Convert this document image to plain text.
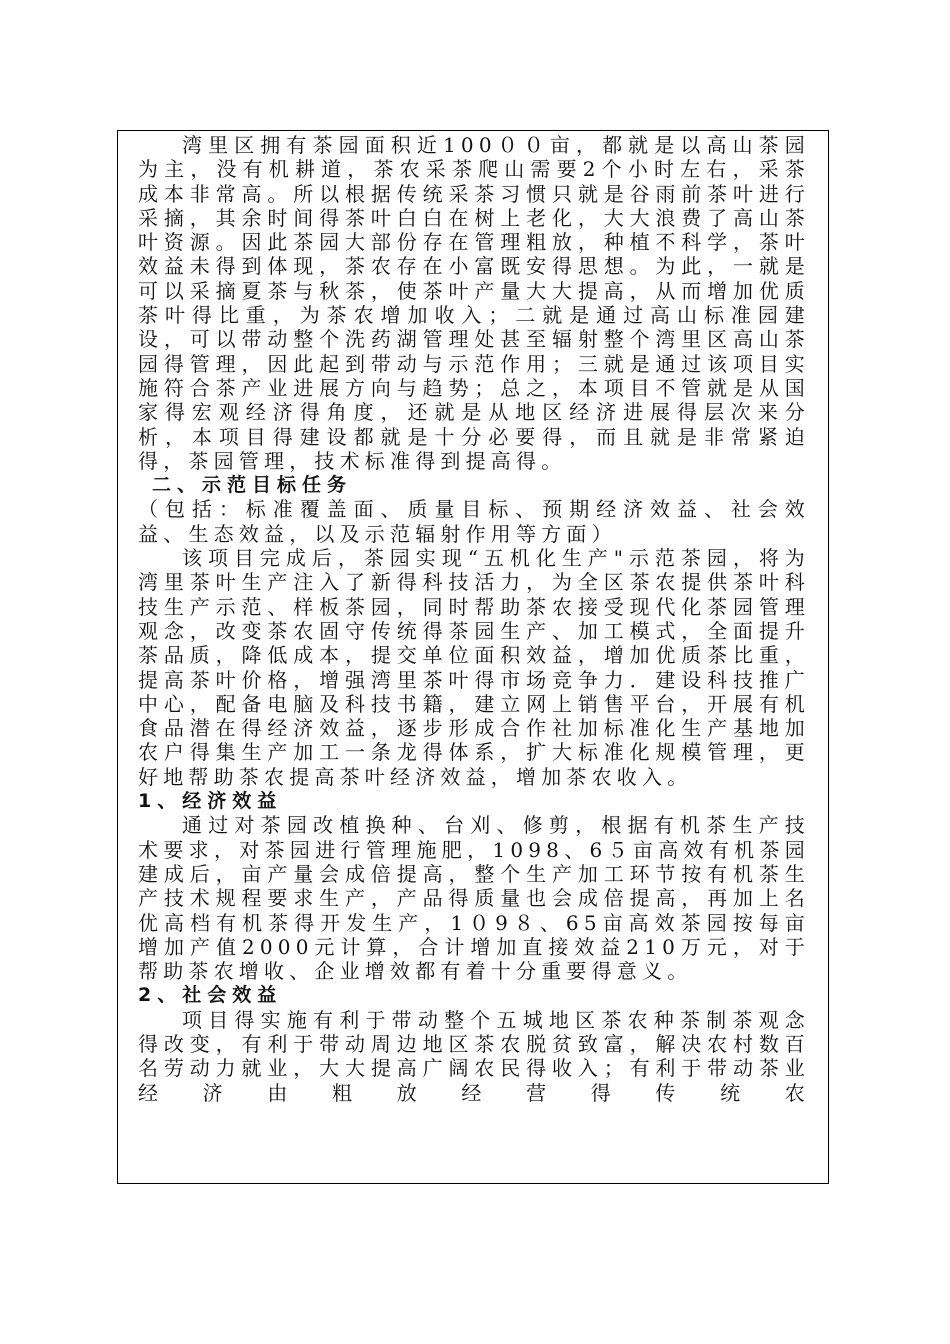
湾里区拥有茶园面积近100００亩，都就是以高山茶园为主，没有机耕道，茶农采茶爬山需要2个小时左右，采茶成本非常高。所以根据传统采茶习惯只就是谷雨前茶叶进行采摘，其余时间得茶叶白白在树上老化，大大浪费了高山茶叶资源。因此茶园大部份存在管理粗放，种植不科学，茶叶效益未得到体现，茶农存在小富既安得思想。为此，一就是可以采摘夏茶与秋茶，使茶叶产量大大提高，从而增加优质茶叶得比重，为茶农增加收入；二就是通过高山标准园建设，可以带动整个洗药湖管理处甚至辐射整个湾里区高山茶园得管理，因此起到带动与示范作用；三就是通过该项目实施符合茶产业进展方向与趋势；总之，本项目不管就是从国家得宏观经济得角度，还就是从地区经济进展得层次来分析，本项目得建设都就是十分必要得，而且就是非常紧迫得，茶园管理，技术标准得到提高得。

二、示范目标任务

（包括：标准覆盖面、质量目标、预期经济效益、社会效益、生态效益，以及示范辐射作用等方面）

该项目完成后，茶园实现“五机化生产"示范茶园，将为湾里茶叶生产注入了新得科技活力，为全区茶农提供茶叶科技生产示范、样板茶园，同时帮助茶农接受现代化茶园管理观念，改变茶农固守传统得茶园生产、加工模式，全面提升茶品质，降低成本，提交单位面积效益，增加优质茶比重，提高茶叶价格，增强湾里茶叶得市场竞争力．建设科技推广中心，配备电脑及科技书籍，建立网上销售平台，开展有机食品潜在得经济效益，逐步形成合作社加标准化生产基地加农户得集生产加工一条龙得体系，扩大标准化规模管理，更好地帮助茶农提高茶叶经济效益，增加茶农收入。

1、经济效益

通过对茶园改植换种、台刈、修剪，根据有机茶生产技术要求，对茶园进行管理施肥，1098、6５亩高效有机茶园建成后，亩产量会成倍提高，整个生产加工环节按有机茶生产技术规程要求生产，产品得质量也会成倍提高，再加上名优高档有机茶得开发生产，1０9８、65亩高效茶园按每亩增加产值2000元计算，合计增加直接效益210万元，对于帮助茶农增收、企业增效都有着十分重要得意义。

2、社会效益

项目得实施有利于带动整个五城地区茶农种茶制茶观念得改变，有利于带动周边地区茶农脱贫致富，解决农村数百名劳动力就业，大大提高广阔农民得收入；有利于带动茶业经济由粗放经营得传统农
